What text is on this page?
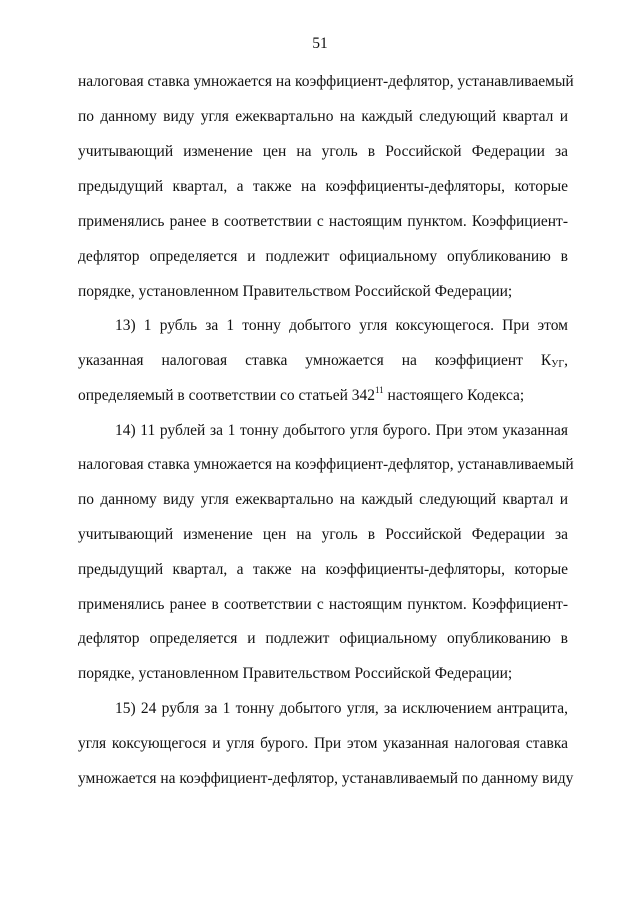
51
налоговая ставка умножается на коэффициент-дефлятор, устанавливаемый
по данному виду угля ежеквартально на каждый следующий квартал и
учитывающий изменение цен на уголь в Российской Федерации за
предыдущий квартал, а также на коэффициенты-дефляторы, которые
применялись ранее в соответствии с настоящим пунктом. Коэффициент-
дефлятор определяется и подлежит официальному опубликованию в
порядке, установленном Правительством Российской Федерации;
13) 1 рубль за 1 тонну добытого угля коксующегося. При этом
указанная налоговая ставка умножается на коэффициент $К_{УГ}$,
определяемый в соответствии со статьей $342^{11}$ настоящего Кодекса;
14) 11 рублей за 1 тонну добытого угля бурого. При этом указанная
налоговая ставка умножается на коэффициент-дефлятор, устанавливаемый
по данному виду угля ежеквартально на каждый следующий квартал и
учитывающий изменение цен на уголь в Российской Федерации за
предыдущий квартал, а также на коэффициенты-дефляторы, которые
применялись ранее в соответствии с настоящим пунктом. Коэффициент-
дефлятор определяется и подлежит официальному опубликованию в
порядке, установленном Правительством Российской Федерации;
15) 24 рубля за 1 тонну добытого угля, за исключением антрацита,
угля коксующегося и угля бурого. При этом указанная налоговая ставка
умножается на коэффициент-дефлятор, устанавливаемый по данному виду
